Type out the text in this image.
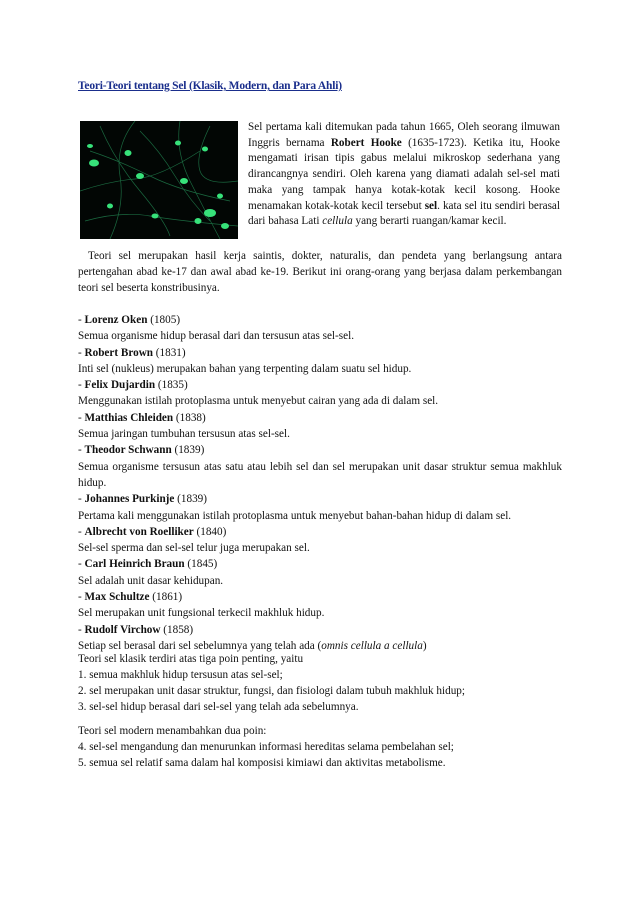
Teori-Teori tentang Sel (Klasik, Modern, dan Para Ahli)
Sel pertama kali ditemukan pada tahun 1665, Oleh seorang ilmuwan Inggris bernama Robert Hooke (1635-1723). Ketika itu, Hooke mengamati irisan tipis gabus melalui mikroskop sederhana yang dirancangnya sendiri. Oleh karena yang diamati adalah sel-sel mati maka yang tampak hanya kotak-kotak kecil kosong. Hooke menamakan kotak-kotak kecil tersebut sel. kata sel itu sendiri berasal dari bahasa Lati cellula yang berarti ruangan/kamar kecil.

Teori sel merupakan hasil kerja saintis, dokter, naturalis, dan pendeta yang berlangsung antara pertengahan abad ke-17 dan awal abad ke-19. Berikut ini orang-orang yang berjasa dalam perkembangan teori sel beserta konstribusinya.

- Lorenz Oken (1805)
Semua organisme hidup berasal dari dan tersusun atas sel-sel.
- Robert Brown (1831)
Inti sel (nukleus) merupakan bahan yang terpenting dalam suatu sel hidup.
- Felix Dujardin (1835)
Menggunakan istilah protoplasma untuk menyebut cairan yang ada di dalam sel.
- Matthias Chleiden (1838)
Semua jaringan tumbuhan tersusun atas sel-sel.
- Theodor Schwann (1839)
Semua organisme tersusun atas satu atau lebih sel dan sel merupakan unit dasar struktur semua makhluk hidup.
- Johannes Purkinje (1839)
Pertama kali menggunakan istilah protoplasma untuk menyebut bahan-bahan hidup di dalam sel.
- Albrecht von Roelliker (1840)
Sel-sel sperma dan sel-sel telur juga merupakan sel.
- Carl Heinrich Braun (1845)
Sel adalah unit dasar kehidupan.
- Max Schultze (1861)
Sel merupakan unit fungsional terkecil makhluk hidup.
- Rudolf Virchow (1858)
Setiap sel berasal dari sel sebelumnya yang telah ada (omnis cellula a cellula)
Teori sel klasik terdiri atas tiga poin penting, yaitu
1. semua makhluk hidup tersusun atas sel-sel;
2. sel merupakan unit dasar struktur, fungsi, dan fisiologi dalam tubuh makhluk hidup;
3. sel-sel hidup berasal dari sel-sel yang telah ada sebelumnya.
Teori sel modern menambahkan dua poin:
4. sel-sel mengandung dan menurunkan informasi hereditas selama pembelahan sel;
5. semua sel relatif sama dalam hal komposisi kimiawi dan aktivitas metabolisme.
